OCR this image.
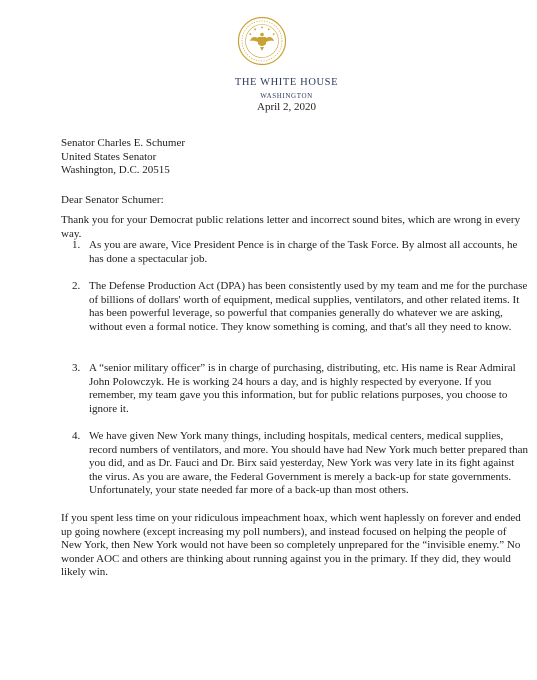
THE WHITE HOUSE
WASHINGTON
April 2, 2020
Senator Charles E. Schumer
United States Senator
Washington, D.C. 20515
Dear Senator Schumer:
Thank you for your Democrat public relations letter and incorrect sound bites, which are wrong in every way.
1. As you are aware, Vice President Pence is in charge of the Task Force. By almost all accounts, he has done a spectacular job.
2. The Defense Production Act (DPA) has been consistently used by my team and me for the purchase of billions of dollars' worth of equipment, medical supplies, ventilators, and other related items. It has been powerful leverage, so powerful that companies generally do whatever we are asking, without even a formal notice. They know something is coming, and that's all they need to know.
3. A “senior military officer” is in charge of purchasing, distributing, etc. His name is Rear Admiral John Polowczyk. He is working 24 hours a day, and is highly respected by everyone. If you remember, my team gave you this information, but for public relations purposes, you choose to ignore it.
4. We have given New York many things, including hospitals, medical centers, medical supplies, record numbers of ventilators, and more. You should have had New York much better prepared than you did, and as Dr. Fauci and Dr. Birx said yesterday, New York was very late in its fight against the virus. As you are aware, the Federal Government is merely a back-up for state governments. Unfortunately, your state needed far more of a back-up than most others.
If you spent less time on your ridiculous impeachment hoax, which went haplessly on forever and ended up going nowhere (except increasing my poll numbers), and instead focused on helping the people of New York, then New York would not have been so completely unprepared for the “invisible enemy.” No wonder AOC and others are thinking about running against you in the primary. If they did, they would likely win.
